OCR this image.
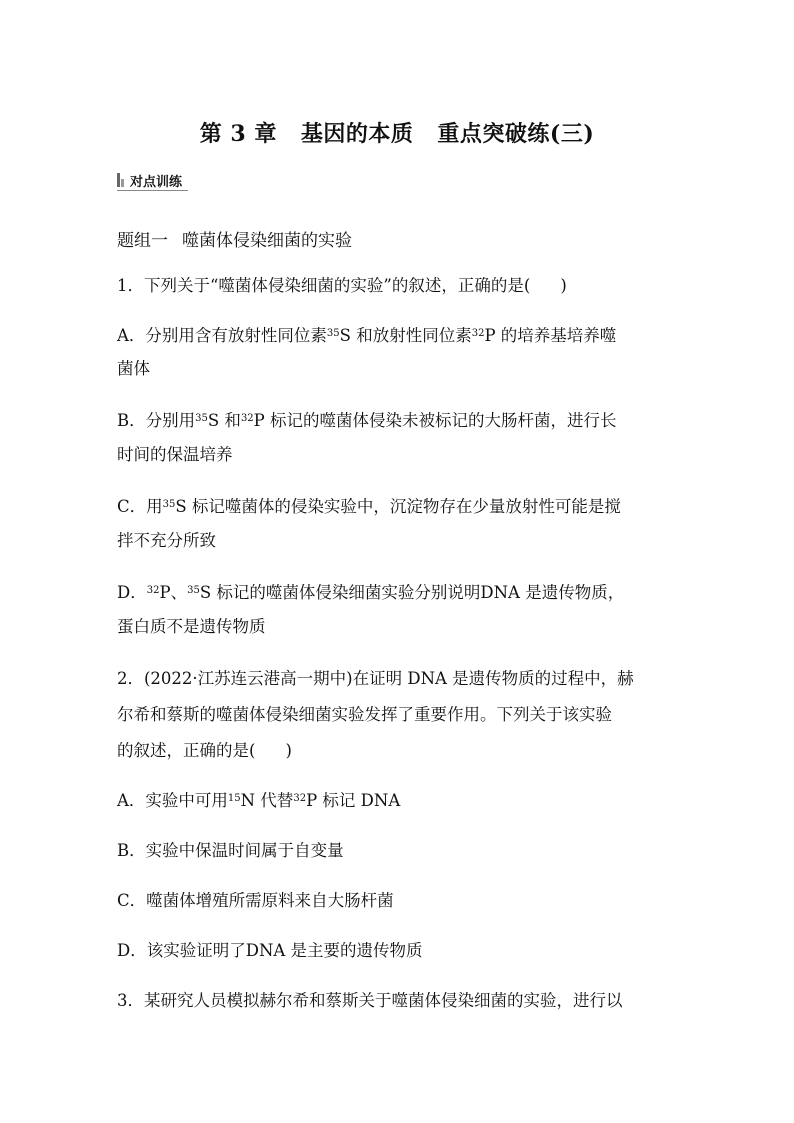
第 3 章 基因的本质 重点突破练(三)
对点训练
题组一 噬菌体侵染细菌的实验
1．下列关于“噬菌体侵染细菌的实验”的叙述，正确的是( )
A．分别用含有放射性同位素$^{35}$S 和放射性同位素$^{32}$P 的培养基培养噬
菌体
B．分别用$^{35}$S 和$^{32}$P 标记的噬菌体侵染未被标记的大肠杆菌，进行长
时间的保温培养
C．用$^{35}$S 标记噬菌体的侵染实验中，沉淀物存在少量放射性可能是搅
拌不充分所致
D．$^{32}$P、$^{35}$S 标记的噬菌体侵染细菌实验分别说明DNA 是遗传物质，
蛋白质不是遗传物质
2．(2022·江苏连云港高一期中)在证明 DNA 是遗传物质的过程中，赫
尔希和蔡斯的噬菌体侵染细菌实验发挥了重要作用。下列关于该实验
的叙述，正确的是( )
A．实验中可用$^{15}$N 代替$^{32}$P 标记 DNA
B．实验中保温时间属于自变量
C．噬菌体增殖所需原料来自大肠杆菌
D．该实验证明了DNA 是主要的遗传物质
3．某研究人员模拟赫尔希和蔡斯关于噬菌体侵染细菌的实验，进行以
